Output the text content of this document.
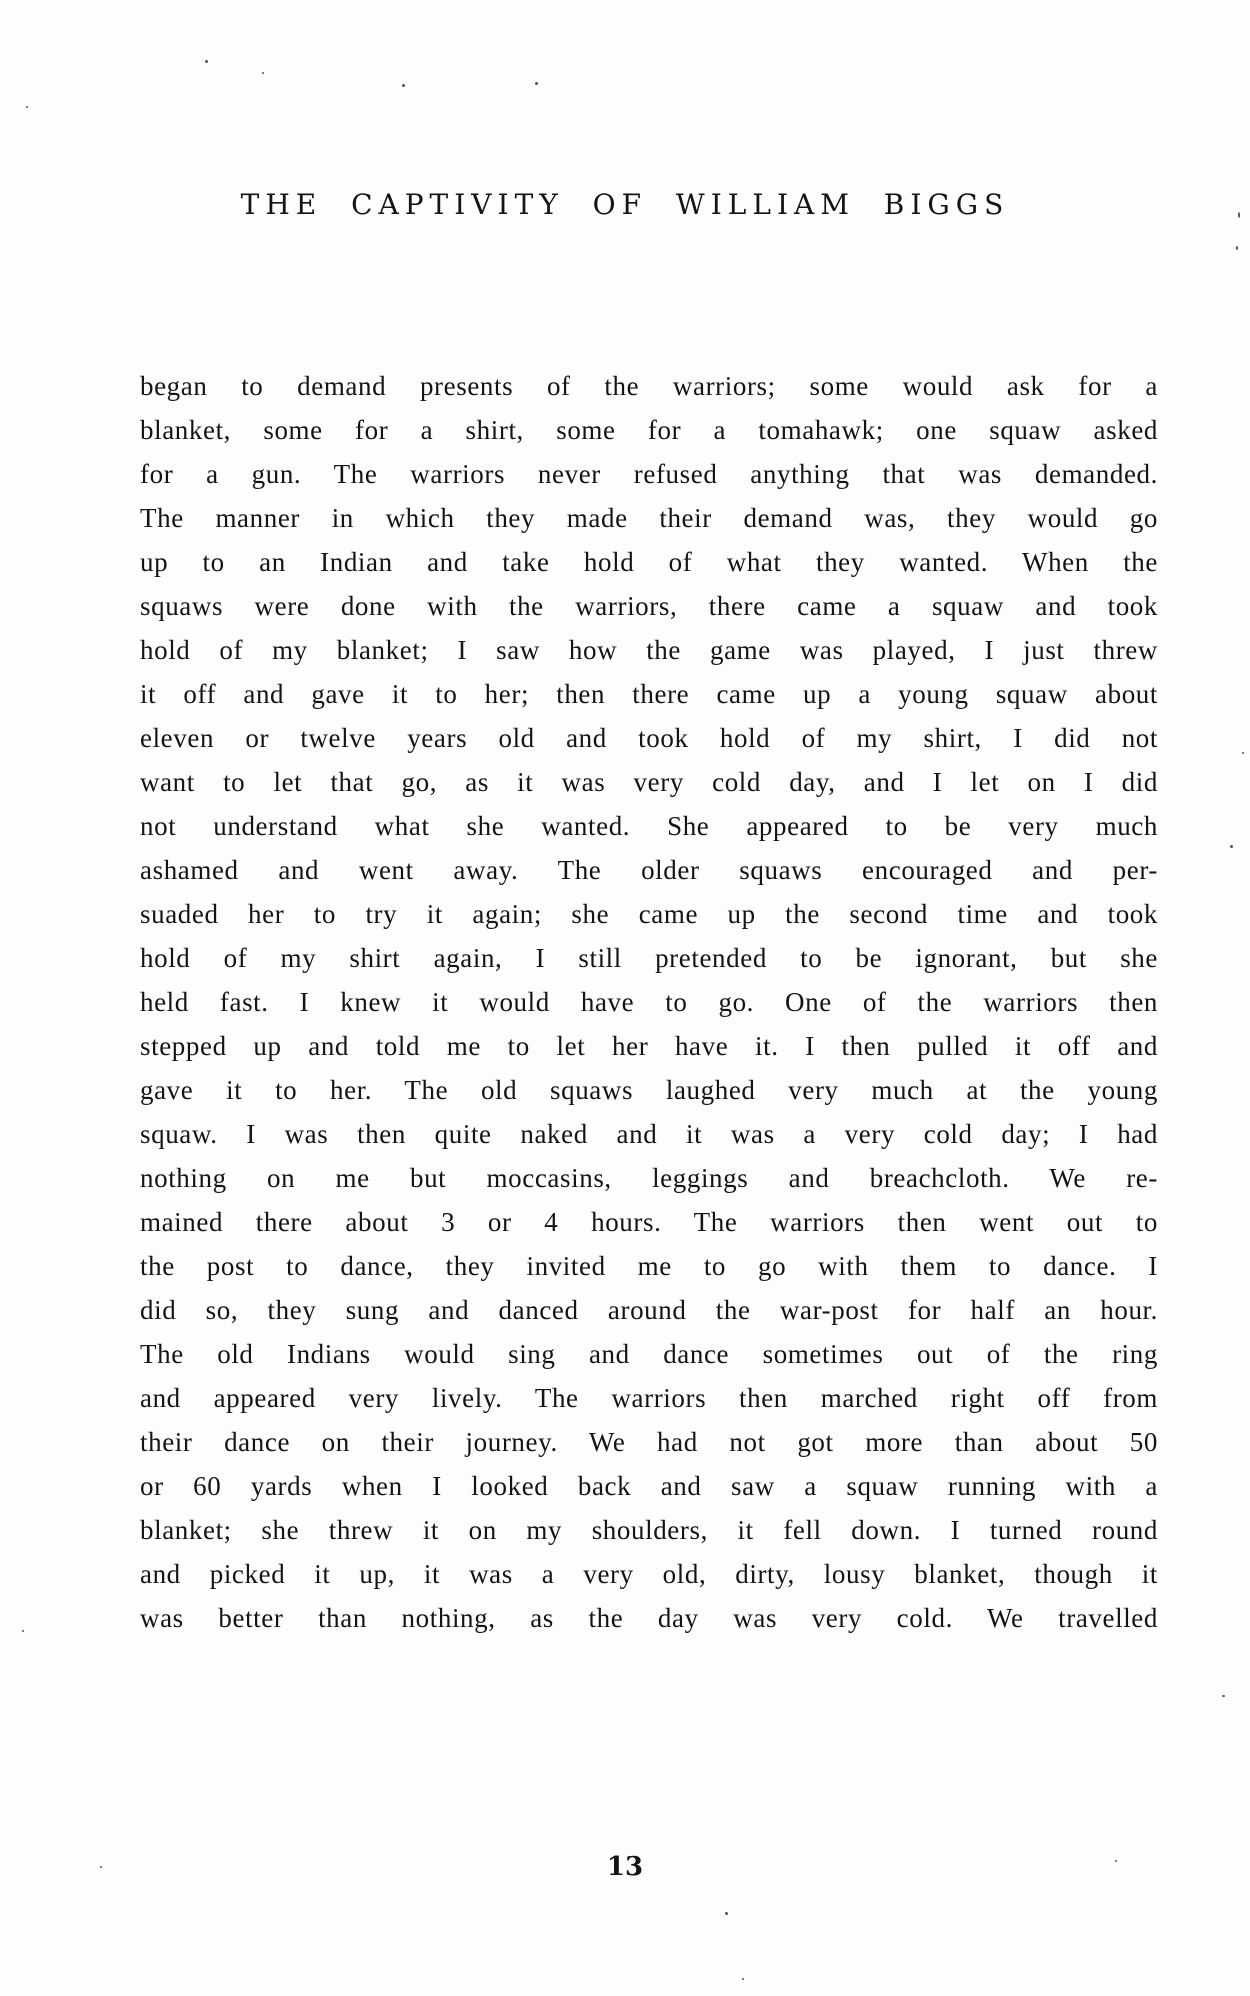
THE CAPTIVITY OF WILLIAM BIGGS
began to demand presents of the warriors; some would ask for a
blanket, some for a shirt, some for a tomahawk; one squaw asked
for a gun. The warriors never refused anything that was demanded.
The manner in which they made their demand was, they would go
up to an Indian and take hold of what they wanted. When the
squaws were done with the warriors, there came a squaw and took
hold of my blanket; I saw how the game was played, I just threw
it off and gave it to her; then there came up a young squaw about
eleven or twelve years old and took hold of my shirt, I did not
want to let that go, as it was very cold day, and I let on I did
not understand what she wanted. She appeared to be very much
ashamed and went away. The older squaws encouraged and per-
suaded her to try it again; she came up the second time and took
hold of my shirt again, I still pretended to be ignorant, but she
held fast. I knew it would have to go. One of the warriors then
stepped up and told me to let her have it. I then pulled it off and
gave it to her. The old squaws laughed very much at the young
squaw. I was then quite naked and it was a very cold day; I had
nothing on me but moccasins, leggings and breachcloth. We re-
mained there about 3 or 4 hours. The warriors then went out to
the post to dance, they invited me to go with them to dance. I
did so, they sung and danced around the war-post for half an hour.
The old Indians would sing and dance sometimes out of the ring
and appeared very lively. The warriors then marched right off from
their dance on their journey. We had not got more than about 50
or 60 yards when I looked back and saw a squaw running with a
blanket; she threw it on my shoulders, it fell down. I turned round
and picked it up, it was a very old, dirty, lousy blanket, though it
was better than nothing, as the day was very cold. We travelled
13
